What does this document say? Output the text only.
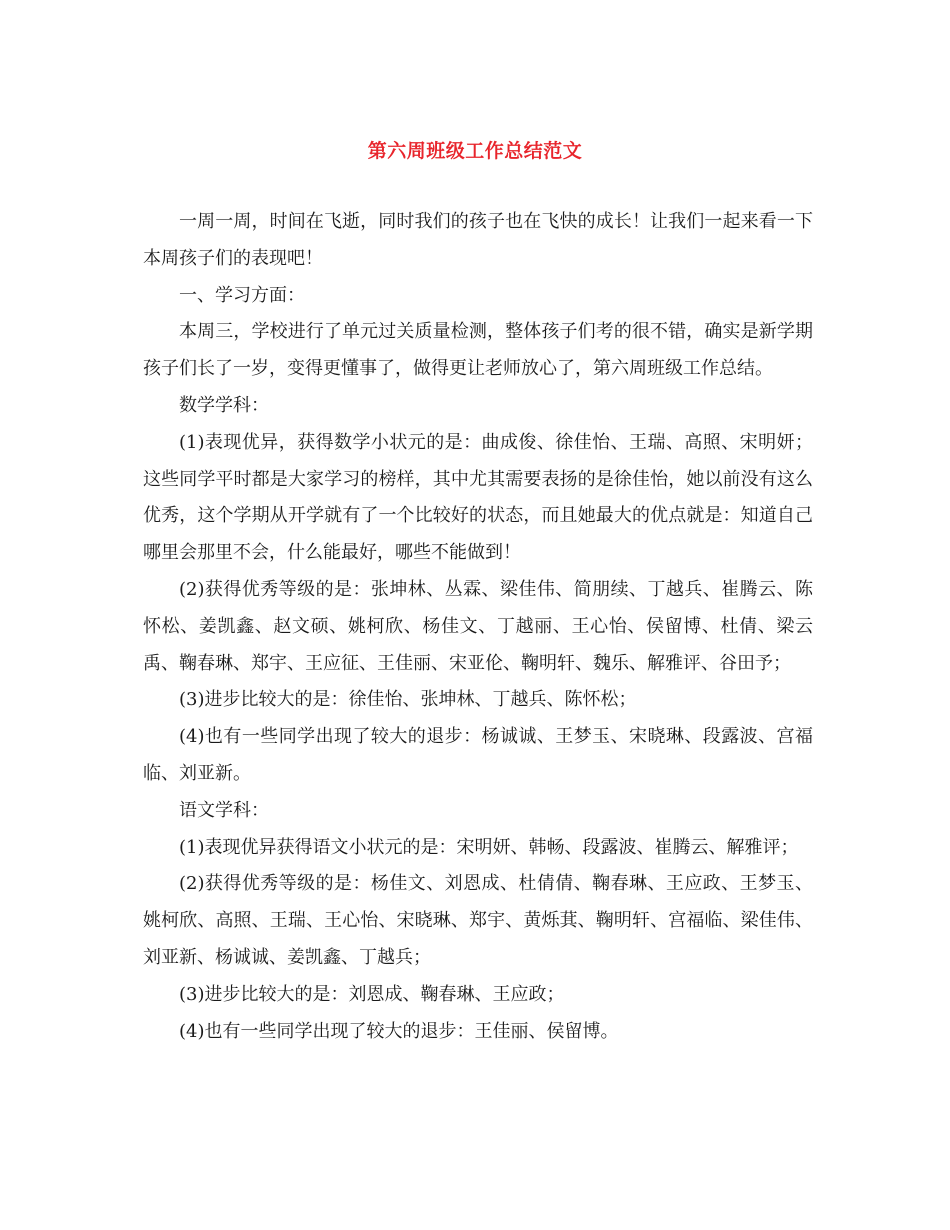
第六周班级工作总结范文

一周一周，时间在飞逝，同时我们的孩子也在飞快的成长！让我们一起来看一下本周孩子们的表现吧！

一、学习方面：

本周三，学校进行了单元过关质量检测，整体孩子们考的很不错，确实是新学期孩子们长了一岁，变得更懂事了，做得更让老师放心了，第六周班级工作总结。

数学学科：

(1)表现优异，获得数学小状元的是：曲成俊、徐佳怡、王瑞、高照、宋明妍；这些同学平时都是大家学习的榜样，其中尤其需要表扬的是徐佳怡，她以前没有这么优秀，这个学期从开学就有了一个比较好的状态，而且她最大的优点就是：知道自己哪里会那里不会，什么能最好，哪些不能做到！

(2)获得优秀等级的是：张坤林、丛霖、梁佳伟、简朋续、丁越兵、崔腾云、陈怀松、姜凯鑫、赵文硕、姚柯欣、杨佳文、丁越丽、王心怡、侯留博、杜倩、梁云禹、鞠春琳、郑宇、王应征、王佳丽、宋亚伦、鞠明轩、魏乐、解雅评、谷田予；

(3)进步比较大的是：徐佳怡、张坤林、丁越兵、陈怀松；

(4)也有一些同学出现了较大的退步：杨诚诚、王梦玉、宋晓琳、段露波、宫福临、刘亚新。

语文学科：

(1)表现优异获得语文小状元的是：宋明妍、韩畅、段露波、崔腾云、解雅评；

(2)获得优秀等级的是：杨佳文、刘恩成、杜倩倩、鞠春琳、王应政、王梦玉、姚柯欣、高照、王瑞、王心怡、宋晓琳、郑宇、黄烁萁、鞠明轩、宫福临、梁佳伟、刘亚新、杨诚诚、姜凯鑫、丁越兵；

(3)进步比较大的是：刘恩成、鞠春琳、王应政；

(4)也有一些同学出现了较大的退步：王佳丽、侯留博。
